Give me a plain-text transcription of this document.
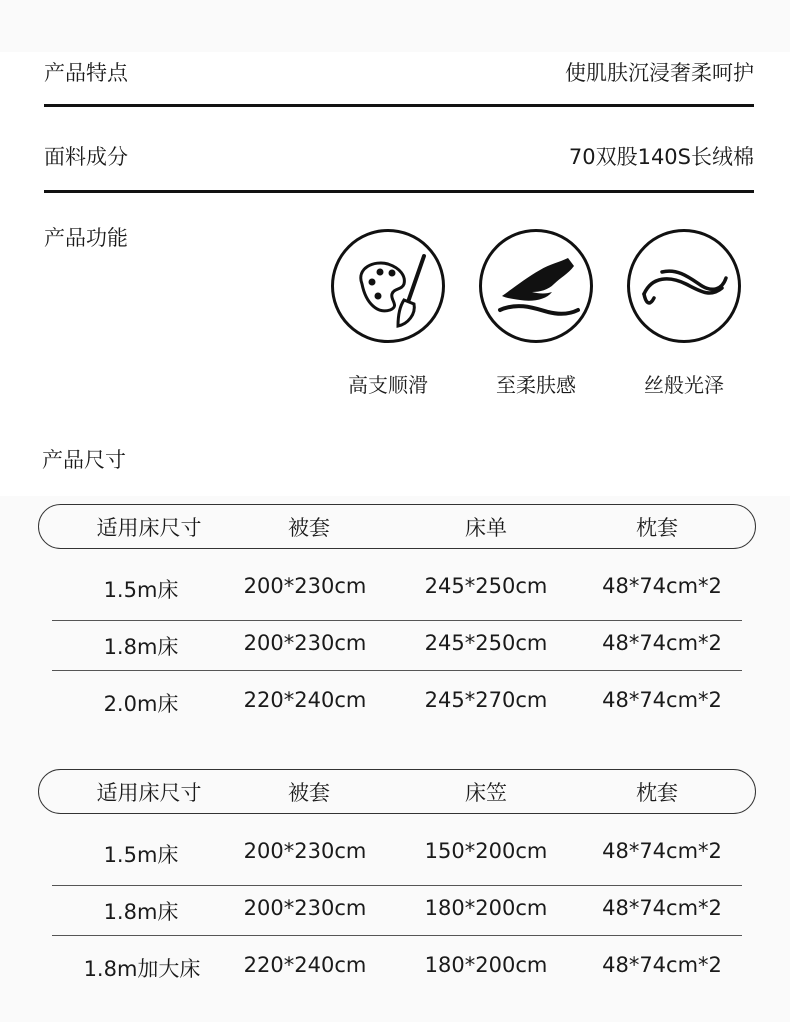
产品特点	使肌肤沉浸奢柔呵护
面料成分	70双股140S长绒棉
产品功能
高支顺滑	至柔肤感	丝般光泽
产品尺寸
适用床尺寸	被套	床单	枕套
1.5m床	200*230cm	245*250cm	48*74cm*2
1.8m床	200*230cm	245*250cm	48*74cm*2
2.0m床	220*240cm	245*270cm	48*74cm*2
适用床尺寸	被套	床笠	枕套
1.5m床	200*230cm	150*200cm	48*74cm*2
1.8m床	200*230cm	180*200cm	48*74cm*2
1.8m加大床	220*240cm	180*200cm	48*74cm*2
